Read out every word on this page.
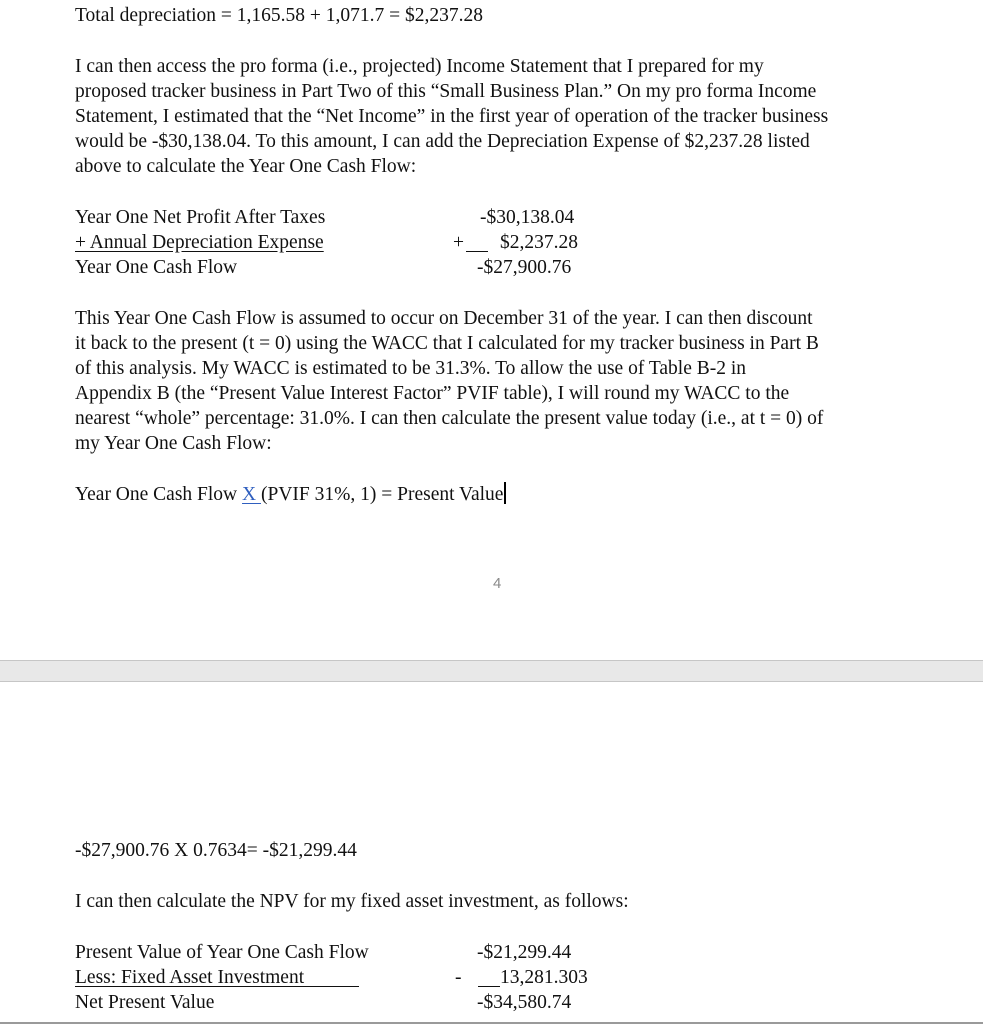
Total depreciation = 1,165.58 + 1,071.7 = $2,237.28
I can then access the pro forma (i.e., projected) Income Statement that I prepared for my
proposed tracker business in Part Two of this “Small Business Plan.” On my pro forma Income
Statement, I estimated that the “Net Income” in the first year of operation of the tracker business
would be -$30,138.04. To this amount, I can add the Depreciation Expense of $2,237.28 listed
above to calculate the Year One Cash Flow:
Year One Net Profit After Taxes	-$30,138.04
+ Annual Depreciation Expense	+ $2,237.28
Year One Cash Flow	-$27,900.76
This Year One Cash Flow is assumed to occur on December 31 of the year. I can then discount
it back to the present (t = 0) using the WACC that I calculated for my tracker business in Part B
of this analysis. My WACC is estimated to be 31.3%. To allow the use of Table B-2 in
Appendix B (the “Present Value Interest Factor” PVIF table), I will round my WACC to the
nearest “whole” percentage: 31.0%. I can then calculate the present value today (i.e., at t = 0) of
my Year One Cash Flow:
Year One Cash Flow X (PVIF 31%, 1) = Present Value
4
-$27,900.76 X 0.7634= -$21,299.44
I can then calculate the NPV for my fixed asset investment, as follows:
Present Value of Year One Cash Flow	-$21,299.44
Less: Fixed Asset Investment	- 13,281.303
Net Present Value	-$34,580.74
